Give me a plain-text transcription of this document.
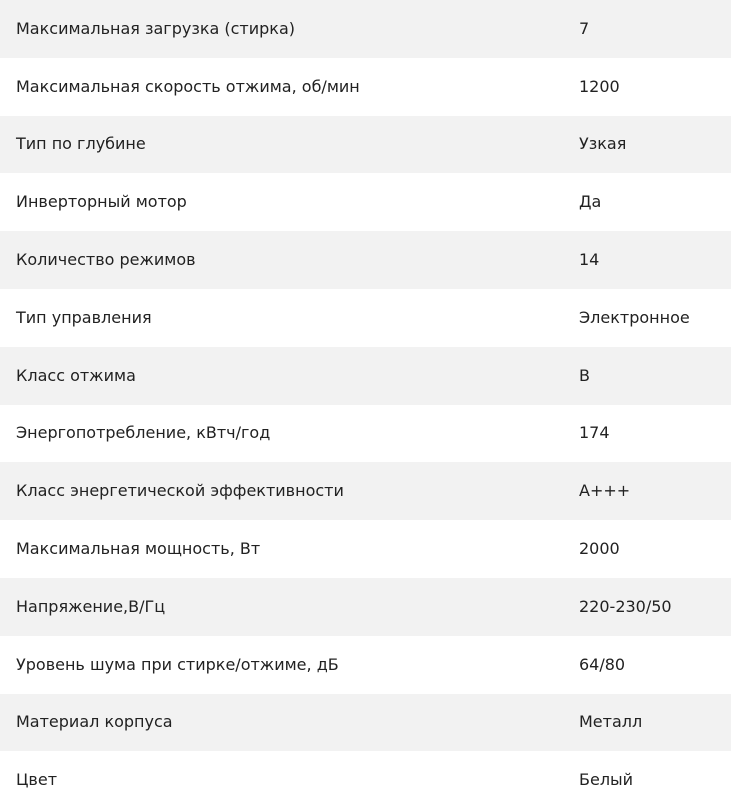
Максимальная загрузка (стирка)	7
Максимальная скорость отжима, об/мин	1200
Тип по глубине	Узкая
Инверторный мотор	Да
Количество режимов	14
Тип управления	Электронное
Класс отжима	B
Энергопотребление, кВтч/год	174
Класс энергетической эффективности	А+++
Максимальная мощность, Вт	2000
Напряжение,В/Гц	220-230/50
Уровень шума при стирке/отжиме, дБ	64/80
Материал корпуса	Металл
Цвет	Белый
